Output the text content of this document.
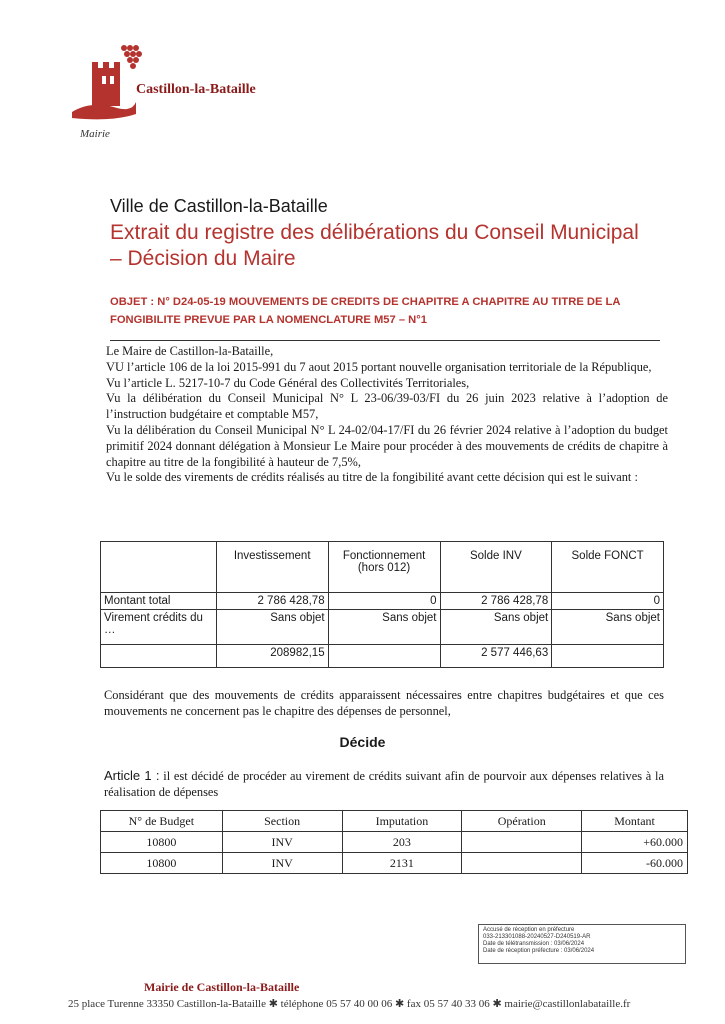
Castillon-la-Bataille
Mairie
Ville de Castillon-la-Bataille
Extrait du registre des délibérations du Conseil Municipal – Décision du Maire
OBJET : N° D24-05-19 MOUVEMENTS DE CREDITS DE CHAPITRE A CHAPITRE AU TITRE DE LA FONGIBILITE PREVUE PAR LA NOMENCLATURE M57 – N°1

Le Maire de Castillon-la-Bataille,

VU l’article 106 de la loi 2015-991 du 7 aout 2015 portant nouvelle organisation territoriale de la République,

Vu l’article L. 5217-10-7 du Code Général des Collectivités Territoriales,

Vu la délibération du Conseil Municipal N° L 23-06/39-03/FI du 26 juin 2023 relative à l’adoption de l’instruction budgétaire et comptable M57,

Vu la délibération du Conseil Municipal N° L 24-02/04-17/FI du 26 février 2024 relative à l’adoption du budget primitif 2024 donnant délégation à Monsieur Le Maire pour procéder à des mouvements de crédits de chapitre à chapitre au titre de la fongibilité à hauteur de 7,5%,

Vu le solde des virements de crédits réalisés au titre de la fongibilité avant cette décision qui est le suivant :

	Investissement	Fonctionnement (hors 012)	Solde INV	Solde FONCT
Montant total	2 786 428,78	0	2 786 428,78	0
Virement crédits du …	Sans objet	Sans objet	Sans objet	Sans objet
	208982,15		2 577 446,63	
Considérant que des mouvements de crédits apparaissent nécessaires entre chapitres budgétaires et que ces mouvements ne concernent pas le chapitre des dépenses de personnel,
Décide
Article 1 : il est décidé de procéder au virement de crédits suivant afin de pourvoir aux dépenses relatives à la réalisation de dépenses
N° de Budget	Section	Imputation	Opération	Montant
10800	INV	203		+60.000
10800	INV	2131		-60.000
Accusé de réception en préfecture
033-213301088-20240527-D240519-AR
Date de télétransmission : 03/06/2024
Date de réception préfecture : 03/06/2024
Mairie de Castillon-la-Bataille
25 place Turenne 33350 Castillon-la-Bataille ✱ téléphone 05 57 40 00 06 ✱ fax 05 57 40 33 06 ✱ mairie@castillonlabataille.fr
